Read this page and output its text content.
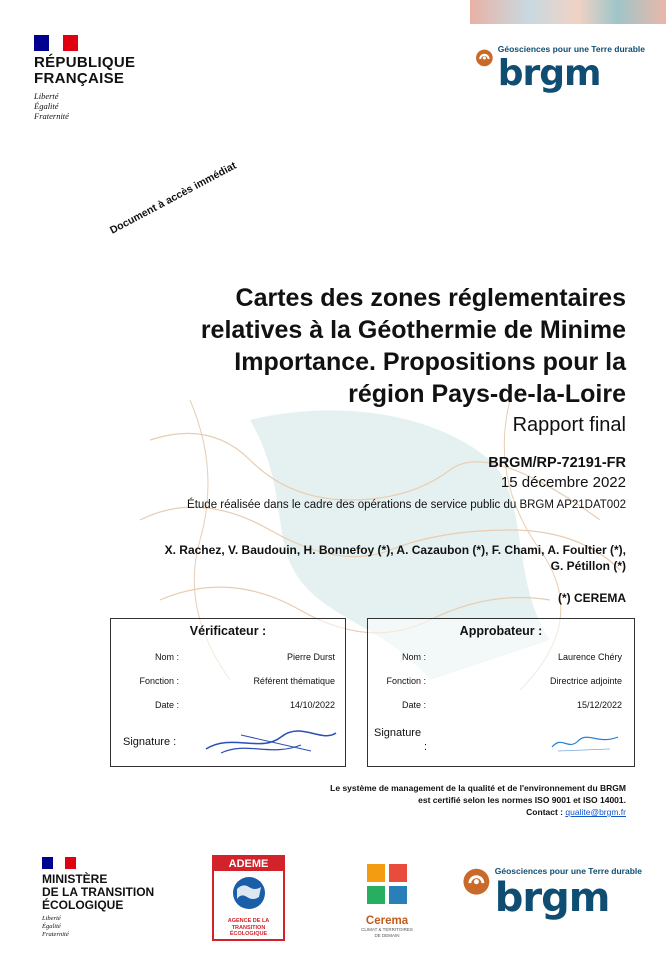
RÉPUBLIQUE
FRANÇAISE
Liberté
Égalité
Fraternité
Géosciences pour une Terre durable
brgm
Document à accès immédiat
Cartes des zones réglementaires
relatives à la Géothermie de Minime
Importance. Propositions pour la
région Pays-de-la-Loire
Rapport final
BRGM/RP-72191-FR
15 décembre 2022
Étude réalisée dans le cadre des opérations de service public du BRGM AP21DAT002
X. Rachez, V. Baudouin, H. Bonnefoy (*), A. Cazaubon (*), F. Chami, A. Foultier (*),
G. Pétillon (*)
(*) CEREMA
Vérificateur :
Nom :	Pierre Durst
Fonction :	Référent thématique
Date :	14/10/2022
Signature :
Approbateur :
Nom :	Laurence Chéry
Fonction :	Directrice adjointe
Date :	15/12/2022
Signature
:
Le système de management de la qualité et de l'environnement du BRGM
est certifié selon les normes ISO 9001 et ISO 14001.
Contact : qualite@brgm.fr
MINISTÈRE
DE LA TRANSITION
ÉCOLOGIQUE
Liberté
Égalité
Fraternité
ADEME
AGENCE DE LA
TRANSITION
ÉCOLOGIQUE
Cerema
CLIMAT & TERRITOIRES
DE DEMAIN
Géosciences pour une Terre durable
brgm
